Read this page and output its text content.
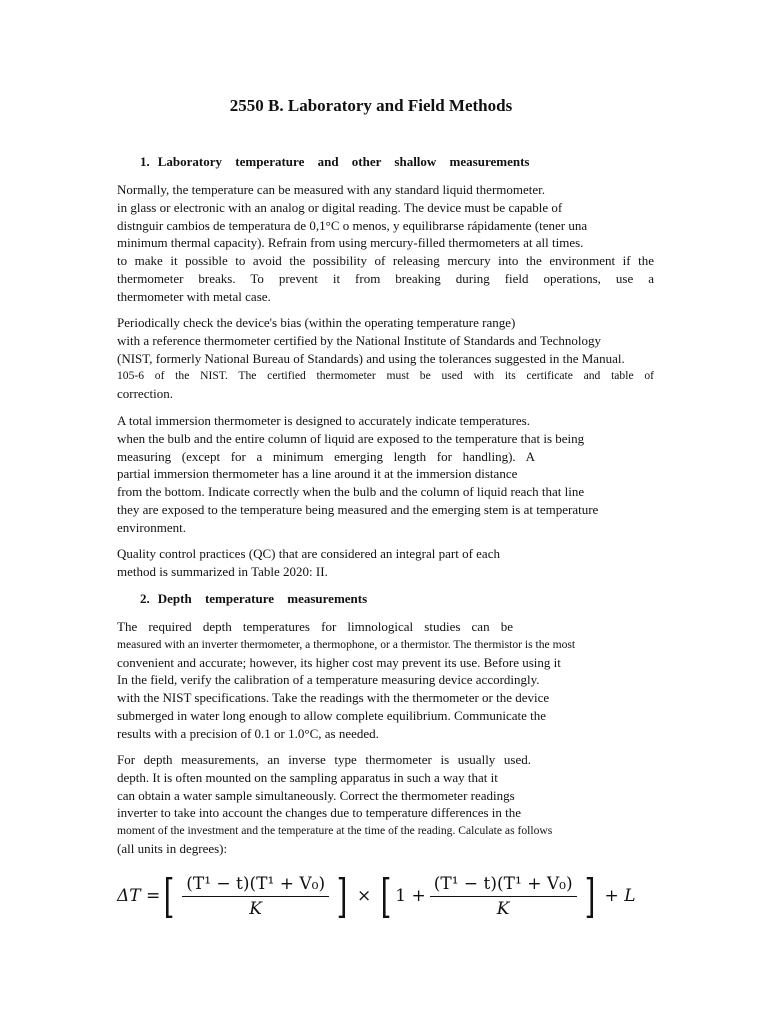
2550 B. Laboratory and Field Methods

1. Laboratory temperature and other shallow measurements

Normally, the temperature can be measured with any standard liquid thermometer.
in glass or electronic with an analog or digital reading. The device must be capable of
distnguir cambios de temperatura de 0,1°C o menos, y equilibrarse rápidamente (tener una
minimum thermal capacity). Refrain from using mercury-filled thermometers at all times.
to make it possible to avoid the possibility of releasing mercury into the environment if the
thermometer breaks. To prevent it from breaking during field operations, use a
thermometer with metal case.
Periodically check the device's bias (within the operating temperature range)
with a reference thermometer certified by the National Institute of Standards and Technology
(NIST, formerly National Bureau of Standards) and using the tolerances suggested in the Manual.
105-6 of the NIST. The certified thermometer must be used with its certificate and table of
correction.
A total immersion thermometer is designed to accurately indicate temperatures.
when the bulb and the entire column of liquid are exposed to the temperature that is being
measuring (except for a minimum emerging length for handling). A
partial immersion thermometer has a line around it at the immersion distance
from the bottom. Indicate correctly when the bulb and the column of liquid reach that line
they are exposed to the temperature being measured and the emerging stem is at temperature
environment.
Quality control practices (QC) that are considered an integral part of each
method is summarized in Table 2020: II.

2. Depth temperature measurements

The required depth temperatures for limnological studies can be
measured with an inverter thermometer, a thermophone, or a thermistor. The thermistor is the most
convenient and accurate; however, its higher cost may prevent its use. Before using it
In the field, verify the calibration of a temperature measuring device accordingly.
with the NIST specifications. Take the readings with the thermometer or the device
submerged in water long enough to allow complete equilibrium. Communicate the
results with a precision of 0.1 or 1.0°C, as needed.
For depth measurements, an inverse type thermometer is usually used.
depth. It is often mounted on the sampling apparatus in such a way that it
can obtain a water sample simultaneously. Correct the thermometer readings
inverter to take into account the changes due to temperature differences in the
moment of the investment and the temperature at the time of the reading. Calculate as follows
(all units in degrees):
ΔT = [ $\frac{\text{(T¹ − t)(T¹ + V₀)}}{K}$ ] × [ $1 + \frac{\text{(T¹ − t)(T¹ + V₀)}}{K}$ ] + L
